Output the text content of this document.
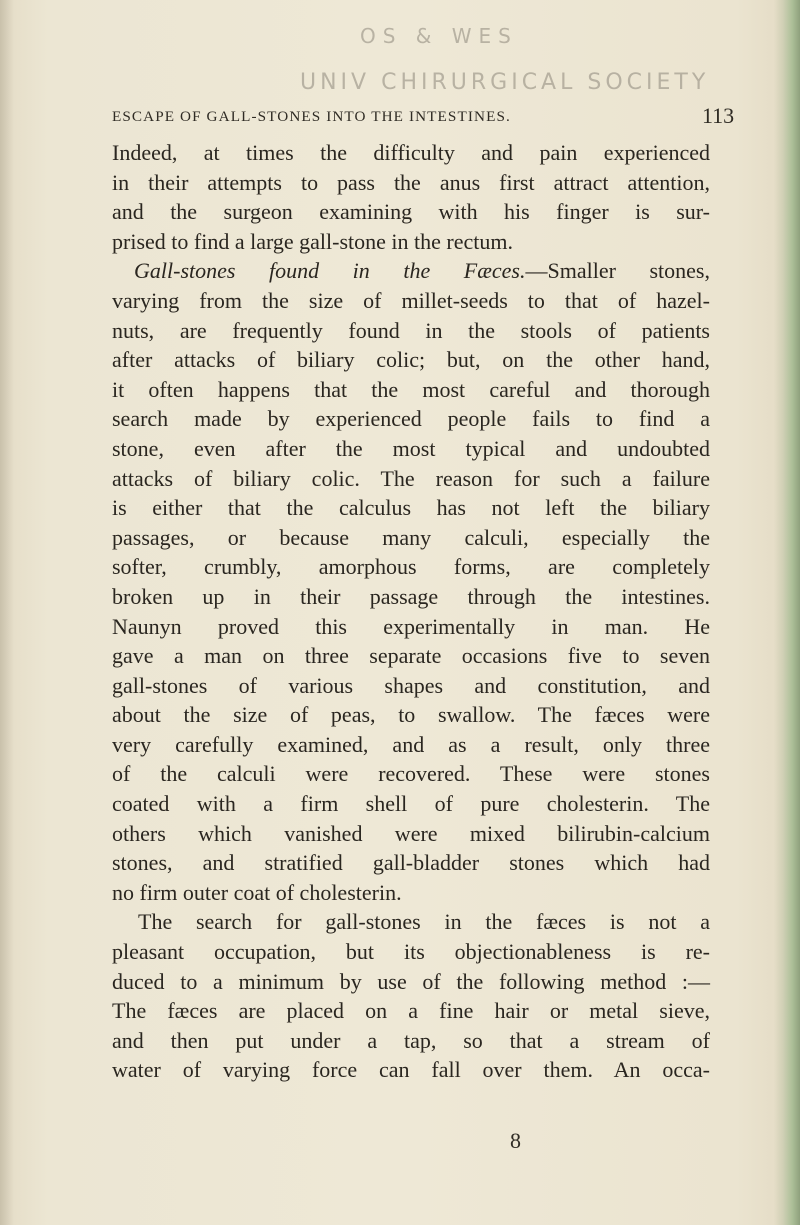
OS & WES
UNIV CHIRURGICAL SOCIETY
ESCAPE OF GALL-STONES INTO THE INTESTINES.	113
Indeed, at times the difficulty and pain experienced
in their attempts to pass the anus first attract attention,
and the surgeon examining with his finger is sur-
prised to find a large gall-stone in the rectum.
Gall-stones found in the Fæces.—Smaller stones,
varying from the size of millet-seeds to that of hazel-
nuts, are frequently found in the stools of patients
after attacks of biliary colic; but, on the other hand,
it often happens that the most careful and thorough
search made by experienced people fails to find a
stone, even after the most typical and undoubted
attacks of biliary colic. The reason for such a failure
is either that the calculus has not left the biliary
passages, or because many calculi, especially the
softer, crumbly, amorphous forms, are completely
broken up in their passage through the intestines.
Naunyn proved this experimentally in man. He
gave a man on three separate occasions five to seven
gall-stones of various shapes and constitution, and
about the size of peas, to swallow. The fæces were
very carefully examined, and as a result, only three
of the calculi were recovered. These were stones
coated with a firm shell of pure cholesterin. The
others which vanished were mixed bilirubin-calcium
stones, and stratified gall-bladder stones which had
no firm outer coat of cholesterin.
The search for gall-stones in the fæces is not a
pleasant occupation, but its objectionableness is re-
duced to a minimum by use of the following method :—
The fæces are placed on a fine hair or metal sieve,
and then put under a tap, so that a stream of
water of varying force can fall over them. An occa-
8
